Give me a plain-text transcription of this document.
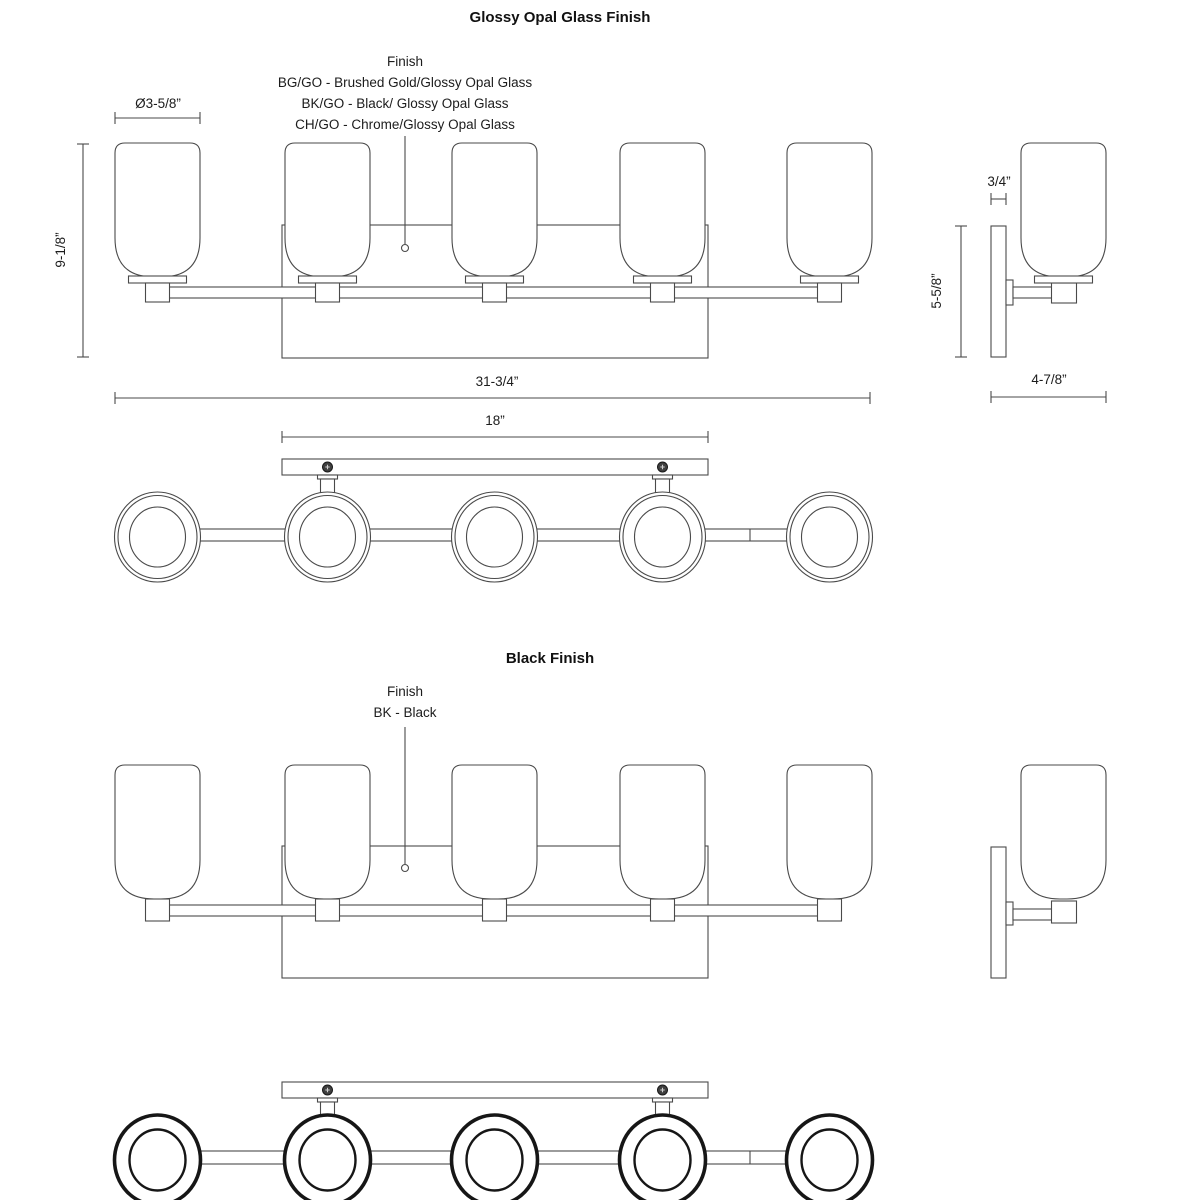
Glossy Opal Glass Finish
Finish
BG/GO - Brushed Gold/Glossy Opal Glass
BK/GO - Black/ Glossy Opal Glass
CH/GO - Chrome/Glossy Opal Glass
Ø3-5/8”
9-1/8”
31-3/4”
18”
3/4”
5-5/8”
4-7/8”
Black Finish
Finish
BK - Black
